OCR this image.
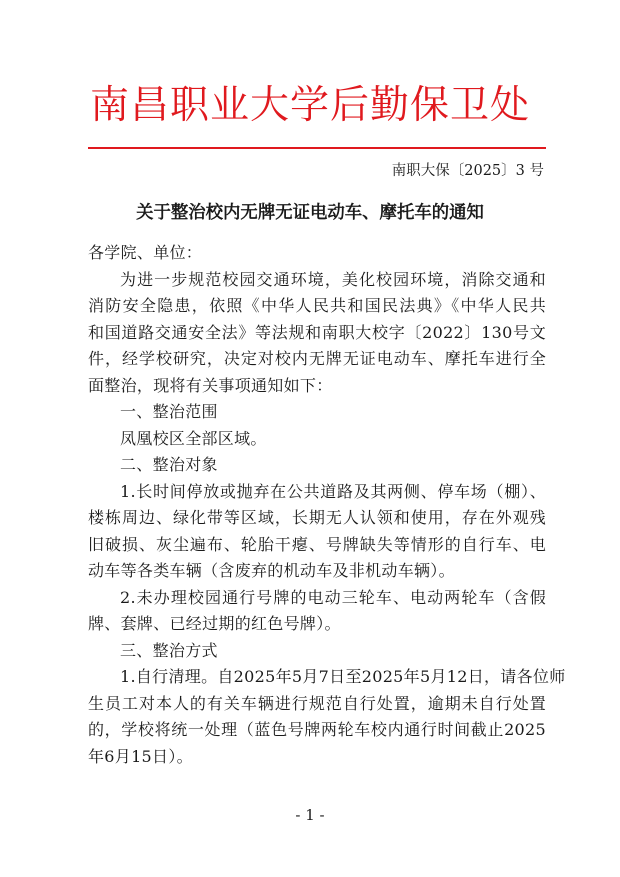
南昌职业大学后勤保卫处
南职大保〔2025〕3 号
关于整治校内无牌无证电动车、摩托车的通知
各学院、单位：
为进一步规范校园交通环境，美化校园环境，消除交通和
消防安全隐患，依照《中华人民共和国民法典》《中华人民共
和国道路交通安全法》等法规和南职大校字〔2022〕130号文
件，经学校研究，决定对校内无牌无证电动车、摩托车进行全
面整治，现将有关事项通知如下：
一、整治范围
凤凰校区全部区域。
二、整治对象
1.长时间停放或抛弃在公共道路及其两侧、停车场（棚）、
楼栋周边、绿化带等区域，长期无人认领和使用，存在外观残
旧破损、灰尘遍布、轮胎干瘪、号牌缺失等情形的自行车、电
动车等各类车辆（含废弃的机动车及非机动车辆）。
2.未办理校园通行号牌的电动三轮车、电动两轮车（含假
牌、套牌、已经过期的红色号牌）。
三、整治方式
1.自行清理。自2025年5月7日至2025年5月12日，请各位师
生员工对本人的有关车辆进行规范自行处置，逾期未自行处置
的，学校将统一处理（蓝色号牌两轮车校内通行时间截止2025
年6月15日）。
- 1 -
